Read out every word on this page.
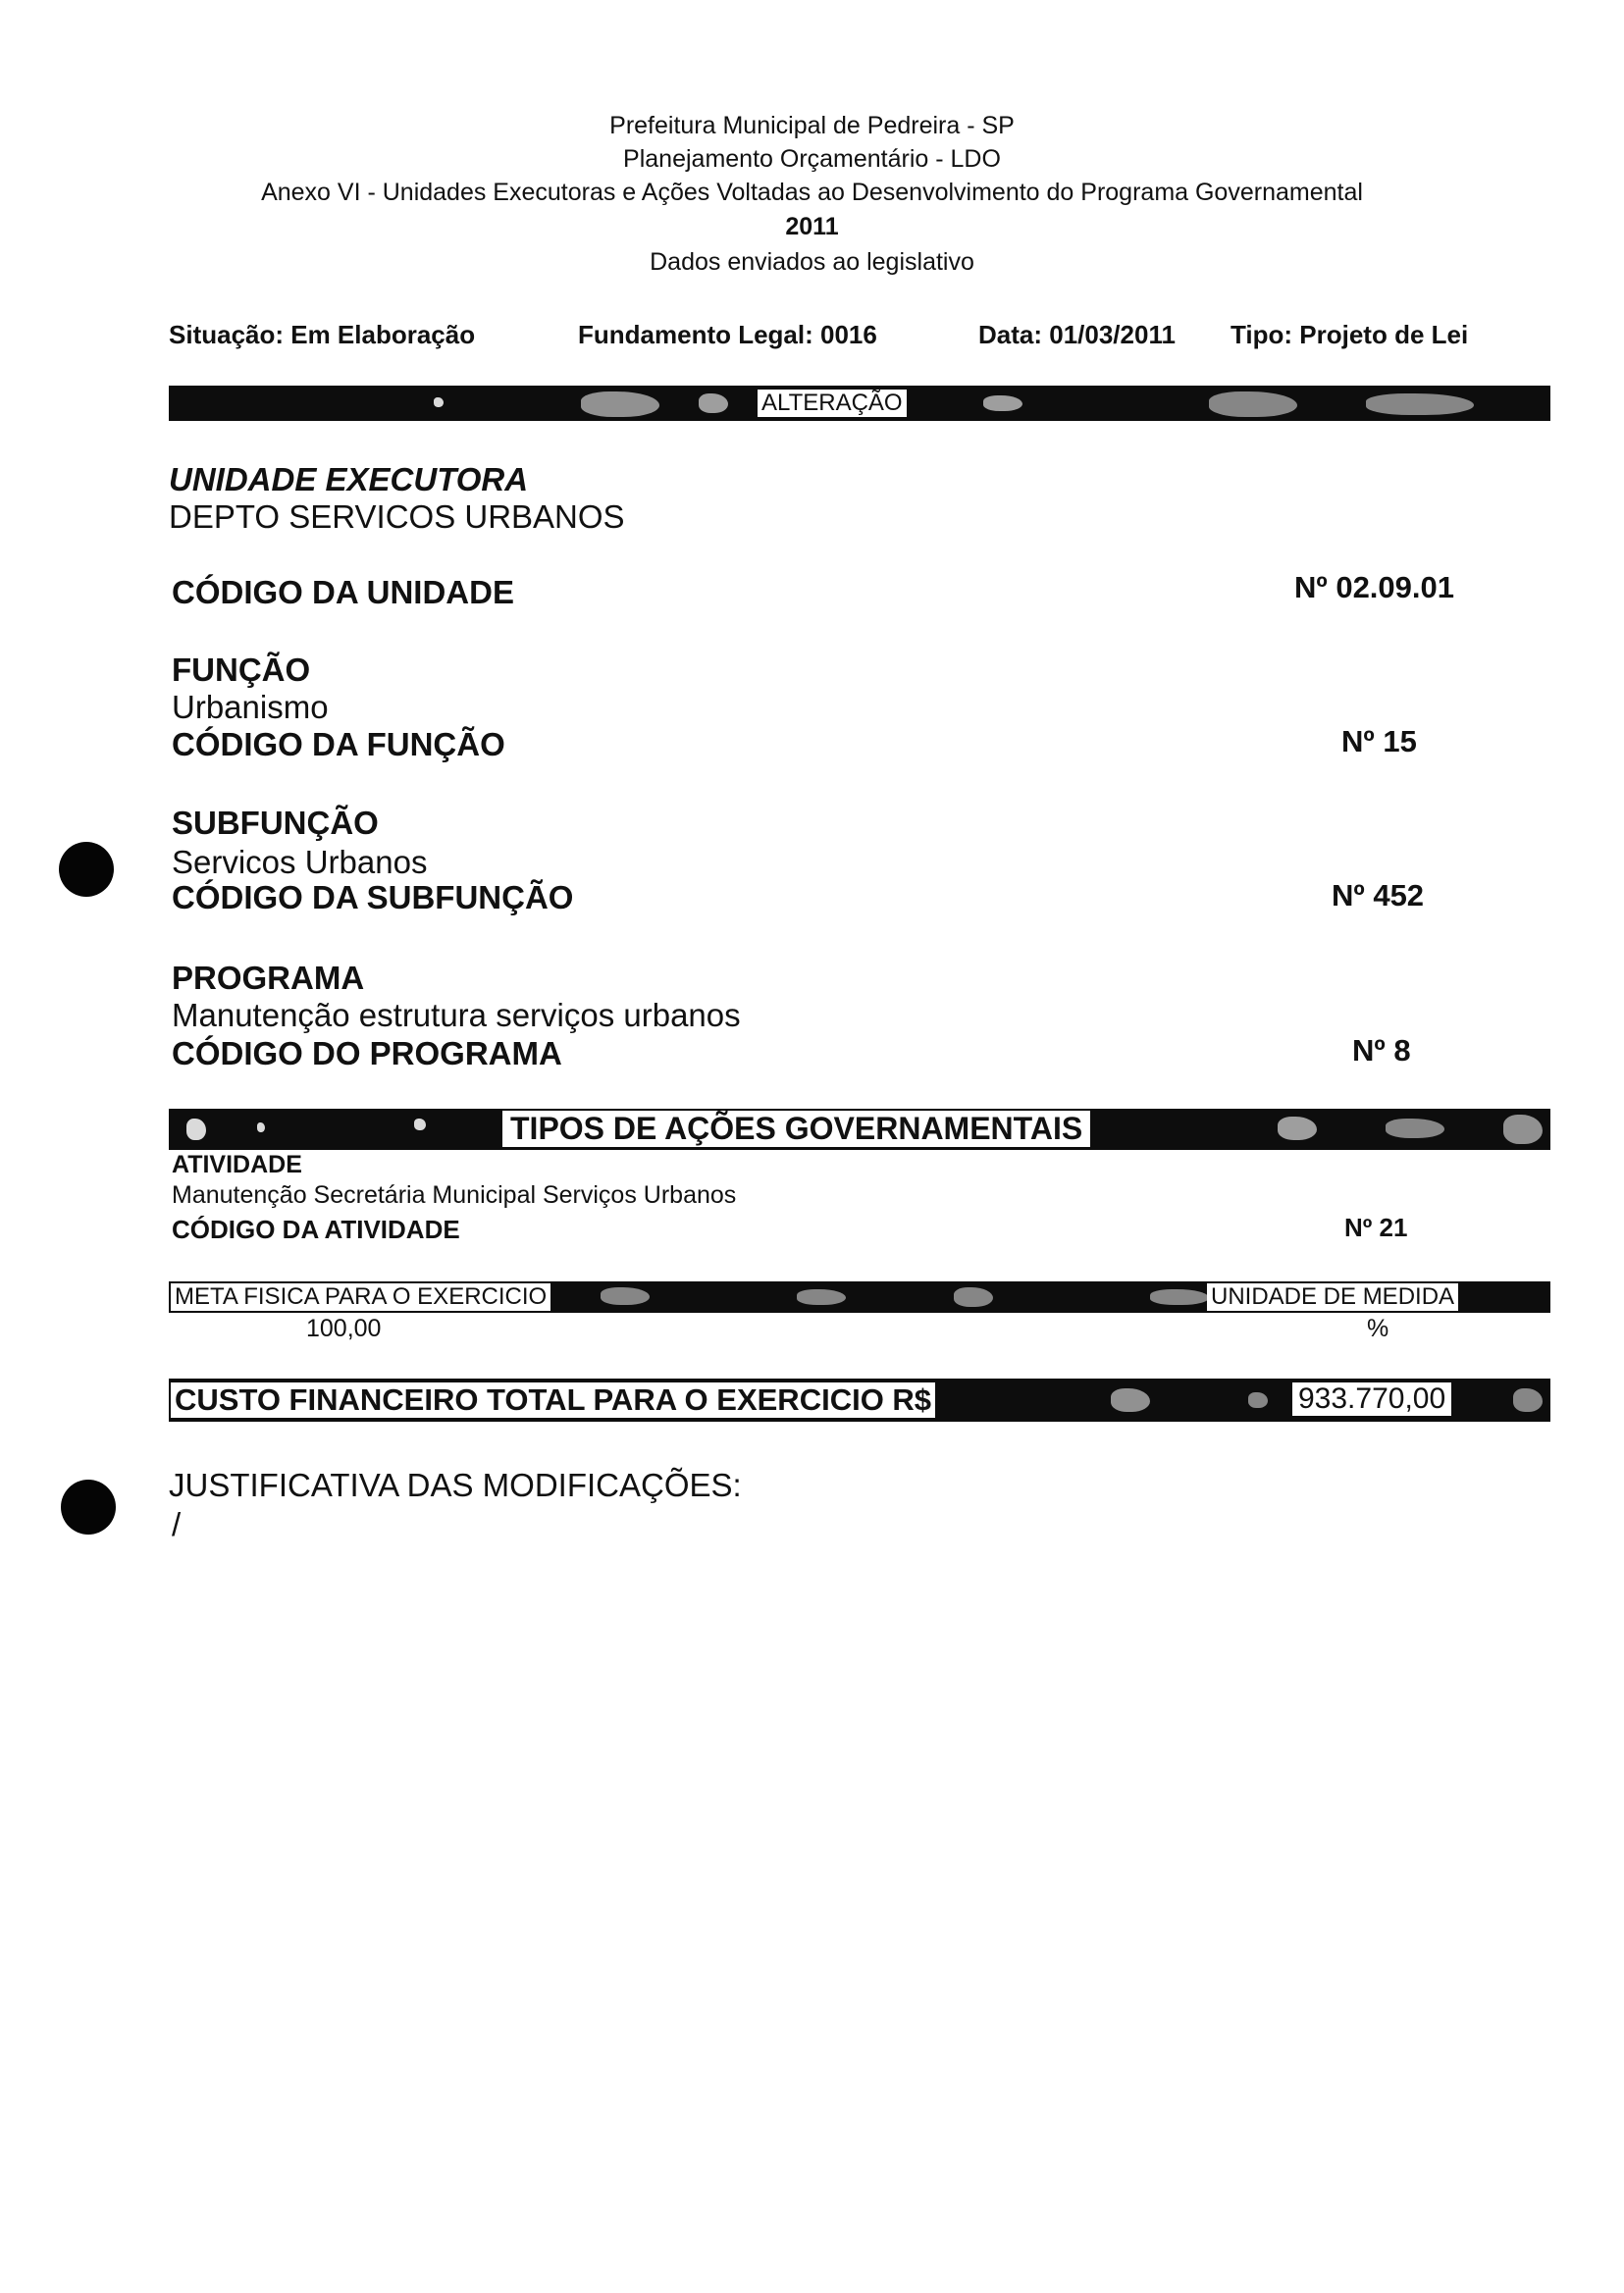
Prefeitura Municipal de Pedreira - SP
Planejamento Orçamentário - LDO
Anexo VI - Unidades Executoras e Ações Voltadas ao Desenvolvimento do Programa Governamental
2011
Dados enviados ao legislativo
Situação: Em Elaboração	Fundamento Legal: 0016	Data: 01/03/2011 Tipo: Projeto de Lei
ALTERAÇÃO
UNIDADE EXECUTORA
DEPTO SERVICOS URBANOS
CÓDIGO DA UNIDADE	Nº 02.09.01
FUNÇÃO
Urbanismo
CÓDIGO DA FUNÇÃO	Nº 15
SUBFUNÇÃO
Servicos Urbanos
CÓDIGO DA SUBFUNÇÃO	Nº 452
PROGRAMA
Manutenção estrutura serviços urbanos
CÓDIGO DO PROGRAMA	Nº 8
TIPOS DE AÇÕES GOVERNAMENTAIS
ATIVIDADE
Manutenção Secretária Municipal Serviços Urbanos
CÓDIGO DA ATIVIDADE	Nº 21
META FISICA PARA O EXERCICIO	UNIDADE DE MEDIDA
100,00	%
CUSTO FINANCEIRO TOTAL PARA O EXERCICIO R$	933.770,00
JUSTIFICATIVA DAS MODIFICAÇÕES:
/
